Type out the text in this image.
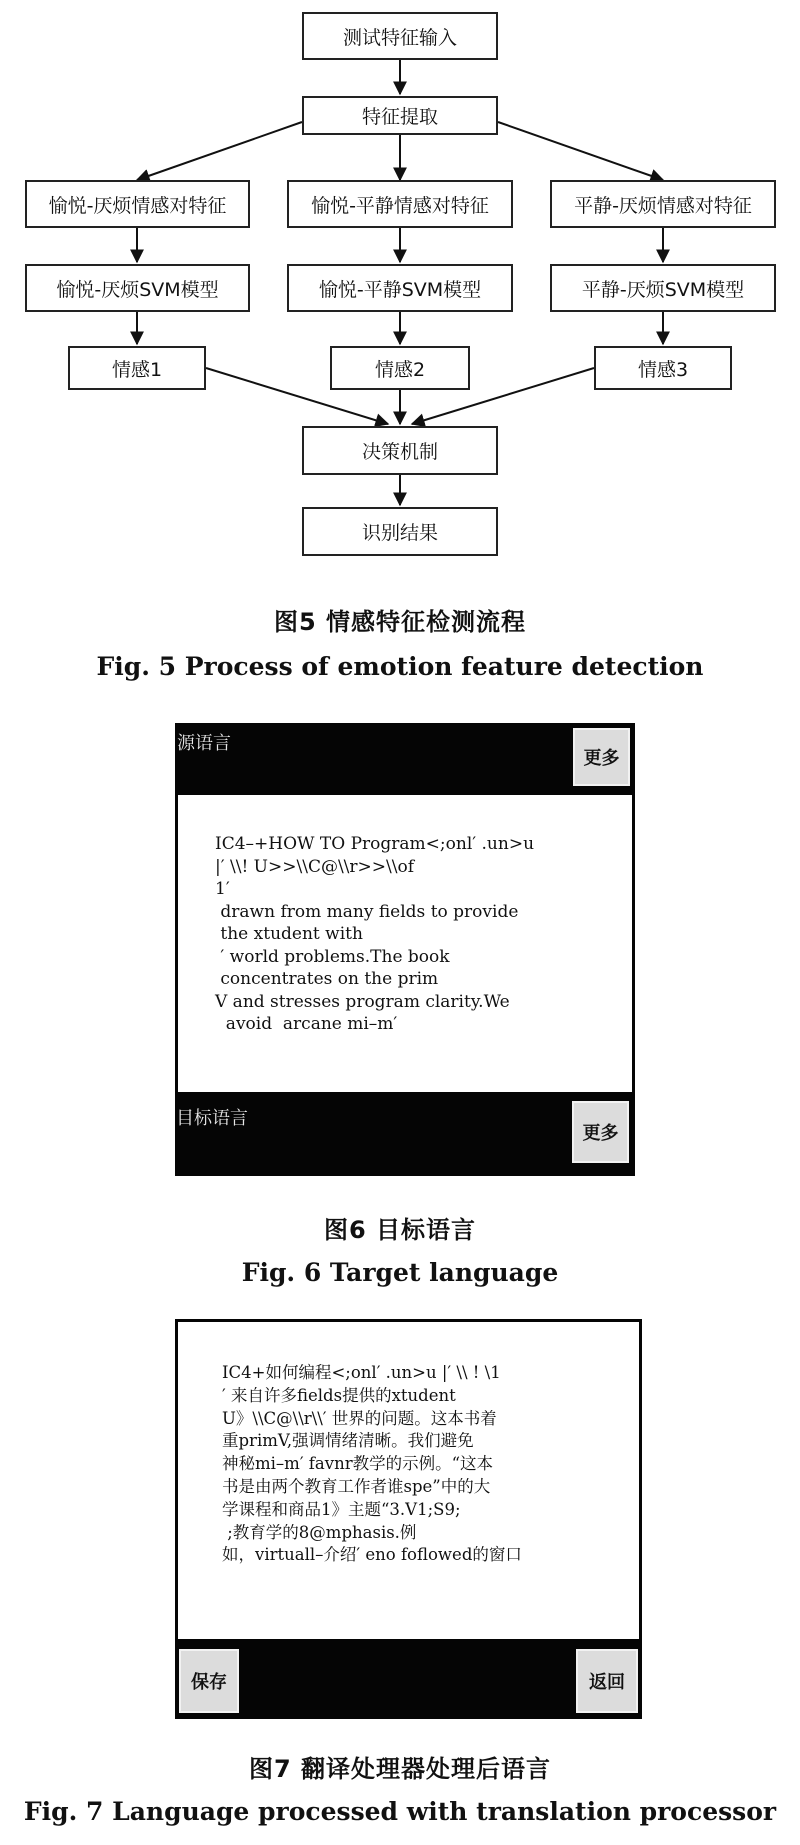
测试特征输入
特征提取
愉悦-厌烦情感对特征	愉悦-平静情感对特征	平静-厌烦情感对特征
愉悦-厌烦SVM模型	愉悦-平静SVM模型	平静-厌烦SVM模型
情感1	情感2	情感3
决策机制
识别结果
图5 情感特征检测流程
Fig. 5 Process of emotion feature detection
源语言
更多
IC4–+HOW TO Program<;onl′ .un>u
|′ \\! U>>\\C@\\r>>\\of
1′
drawn from many fields to provide
the xtudent with
′ world problems.The book
concentrates on the prim
V and stresses program clarity.We
avoid  arcane mi–m′
目标语言
更多
图6 目标语言
Fig. 6 Target language
IC4+如何编程<;onl′ .un>u |′ \\ ! \1
′ 来自许多fields提供的xtudent
U》\\C@\\r\\′ 世界的问题。这本书着
重primV,强调情绪清晰。我们避免
神秘mi–m′ favnr教学的示例。“这本
书是由两个教育工作者谁spe”中的大
学课程和商品1》主题“3.V1;S9;
;教育学的8@mphasis.例
如，virtuall–介绍′ eno foflowed的窗口
保存	返回
图7 翻译处理器处理后语言
Fig. 7 Language processed with translation processor
